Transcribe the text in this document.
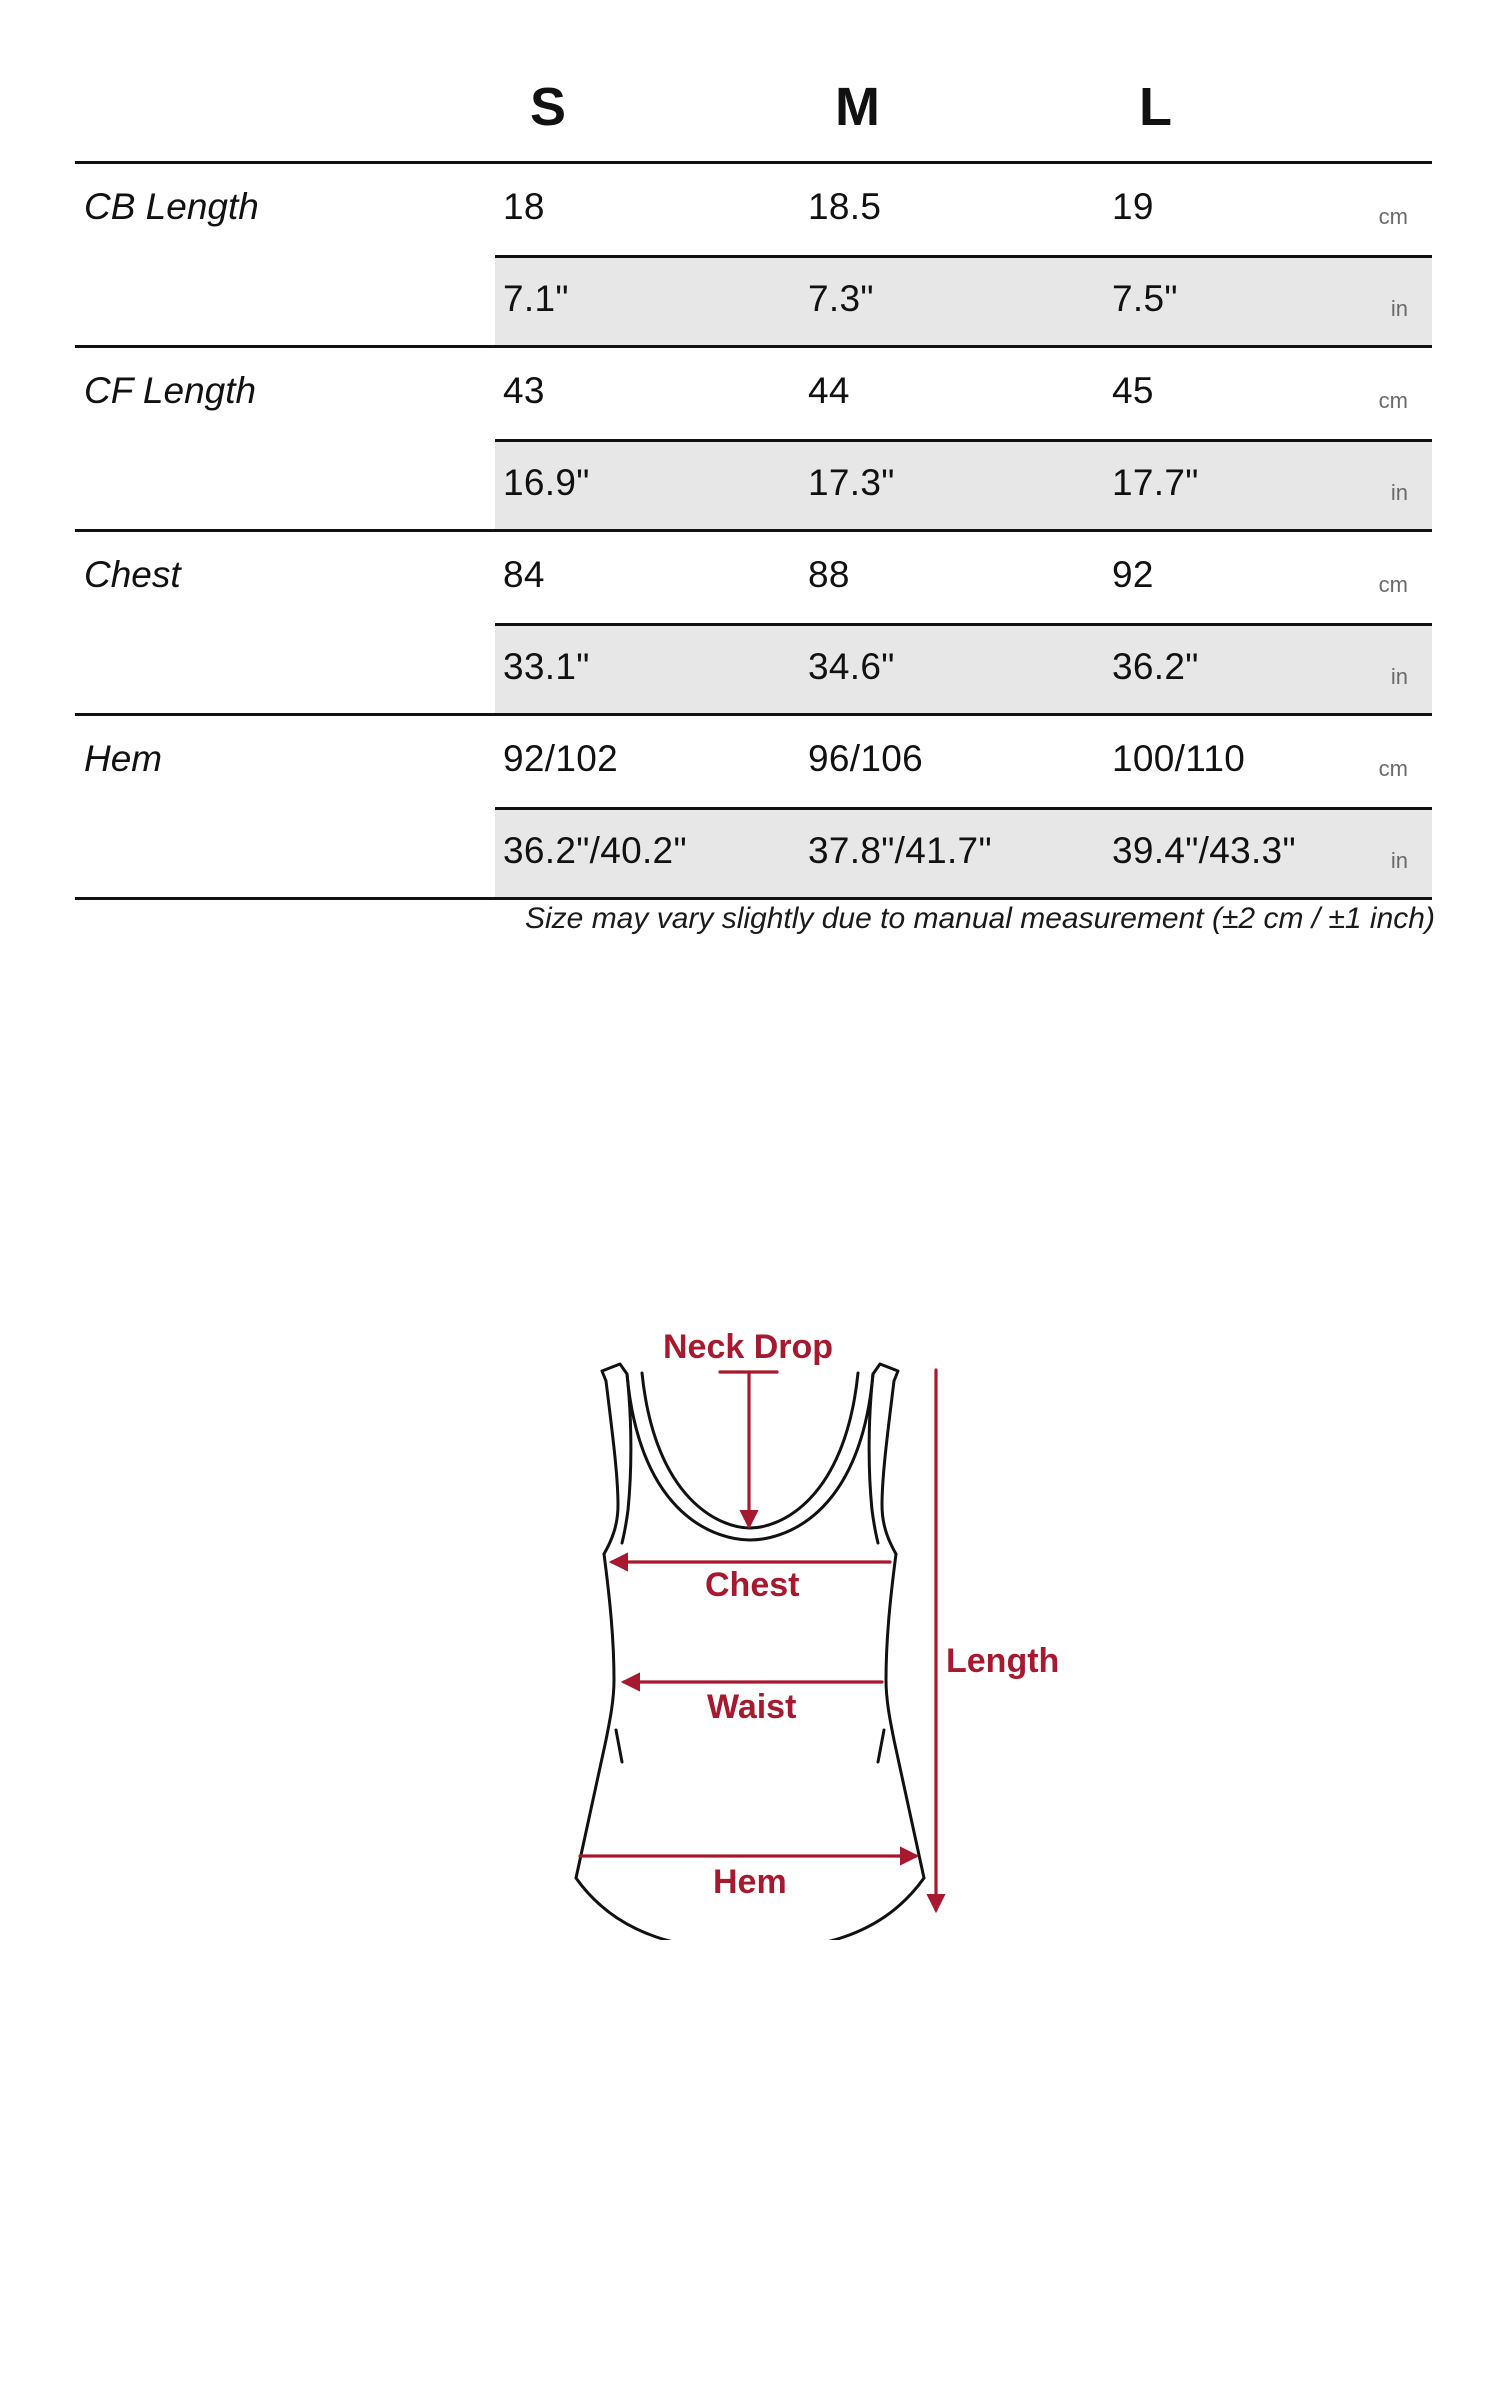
S	M	L
CB Length	18	18.5	19	cm
7.1"	7.3"	7.5"	in
CF Length	43	44	45	cm
16.9"	17.3"	17.7"	in
Chest	84	88	92	cm
33.1"	34.6"	36.2"	in
Hem	92/102	96/106	100/110	cm
36.2"/40.2"	37.8"/41.7"	39.4"/43.3"	in
Size may vary slightly due to manual measurement (±2 cm / ±1 inch)
Neck Drop
Chest
Waist
Hem
Length
